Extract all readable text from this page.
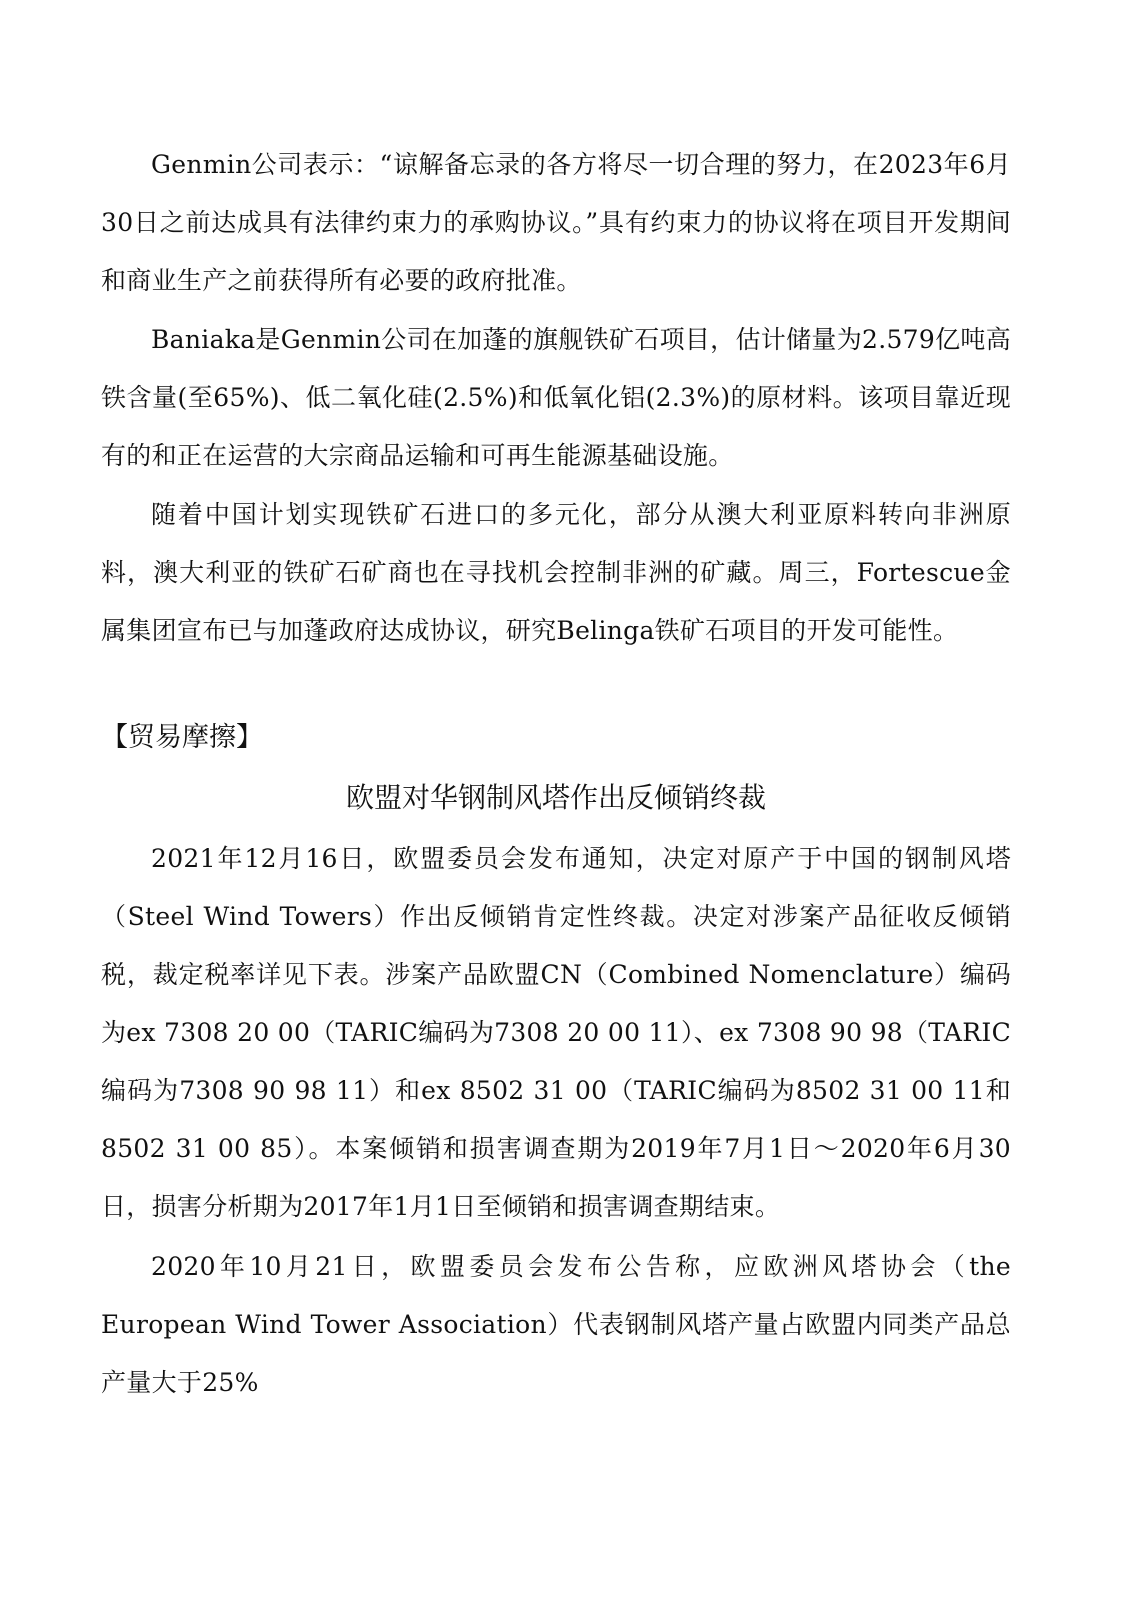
Genmin公司表示：“谅解备忘录的各方将尽一切合理的努力，在2023年6月30日之前达成具有法律约束力的承购协议。”具有约束力的协议将在项目开发期间和商业生产之前获得所有必要的政府批准。

Baniaka是Genmin公司在加蓬的旗舰铁矿石项目，估计储量为2.579亿吨高铁含量(至65%)、低二氧化硅(2.5%)和低氧化铝(2.3%)的原材料。该项目靠近现有的和正在运营的大宗商品运输和可再生能源基础设施。

随着中国计划实现铁矿石进口的多元化，部分从澳大利亚原料转向非洲原料，澳大利亚的铁矿石矿商也在寻找机会控制非洲的矿藏。周三，Fortescue金属集团宣布已与加蓬政府达成协议，研究Belinga铁矿石项目的开发可能性。

【贸易摩擦】
欧盟对华钢制风塔作出反倾销终裁

2021年12月16日，欧盟委员会发布通知，决定对原产于中国的钢制风塔（Steel Wind Towers）作出反倾销肯定性终裁。决定对涉案产品征收反倾销税，裁定税率详见下表。涉案产品欧盟CN（Combined Nomenclature）编码为ex 7308 20 00（TARIC编码为7308 20 00 11）、ex 7308 90 98（TARIC编码为7308 90 98 11）和ex 8502 31 00（TARIC编码为8502 31 00 11和8502 31 00 85）。本案倾销和损害调查期为2019年7月1日～2020年6月30日，损害分析期为2017年1月1日至倾销和损害调查期结束。

2020年10月21日，欧盟委员会发布公告称，应欧洲风塔协会（the European Wind Tower Association）代表钢制风塔产量占欧盟内同类产品总产量大于25%
